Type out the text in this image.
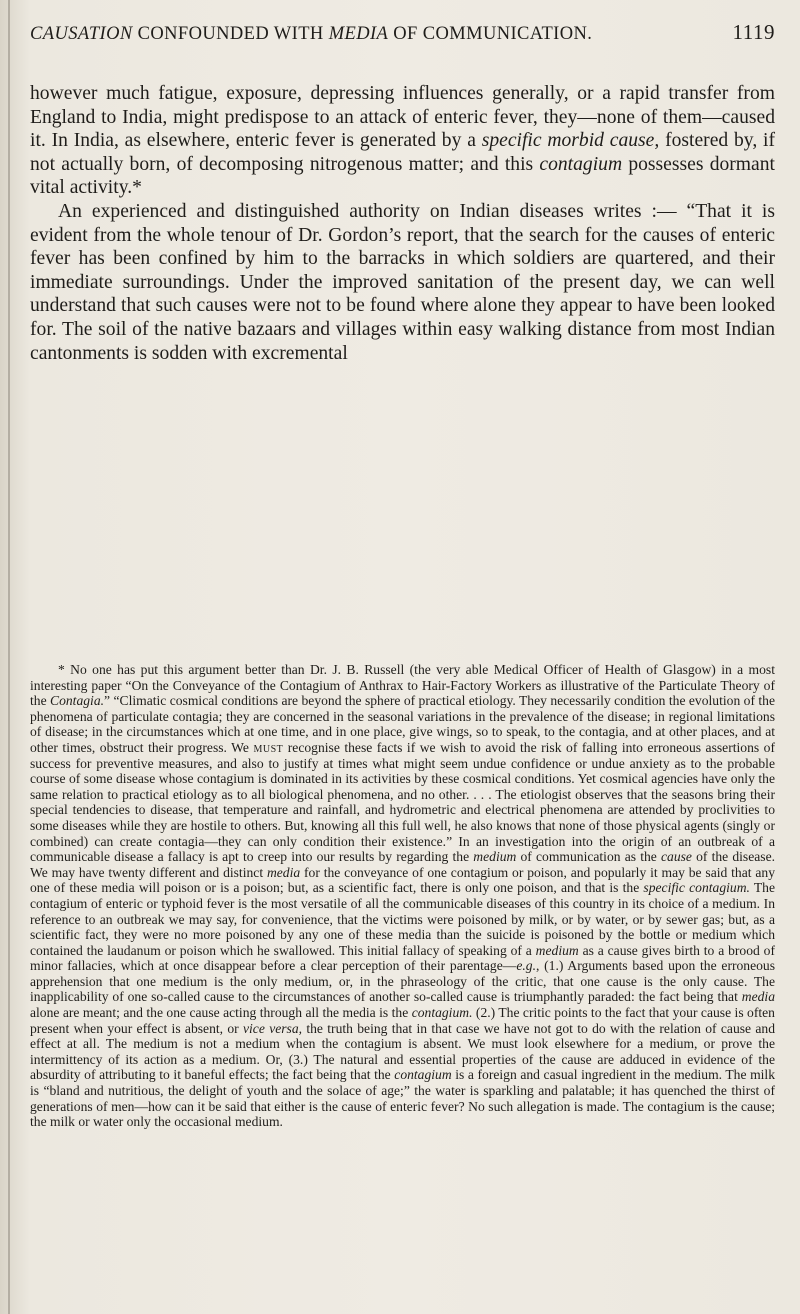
CAUSATION CONFOUNDED WITH MEDIA OF COMMUNICATION.	1119

however much fatigue, exposure, depressing influences generally, or a rapid transfer from England to India, might predispose to an attack of enteric fever, they—none of them—caused it. In India, as elsewhere, enteric fever is generated by a specific morbid cause, fostered by, if not actually born, of decomposing nitrogenous matter; and this contagium possesses dormant vital activity.*

An experienced and distinguished authority on Indian diseases writes :— “That it is evident from the whole tenour of Dr. Gordon’s report, that the search for the causes of enteric fever has been confined by him to the barracks in which soldiers are quartered, and their immediate surroundings. Under the improved sanitation of the present day, we can well understand that such causes were not to be found where alone they appear to have been looked for. The soil of the native bazaars and villages within easy walking distance from most Indian cantonments is sodden with excremental

* No one has put this argument better than Dr. J. B. Russell (the very able Medical Officer of Health of Glasgow) in a most interesting paper “On the Conveyance of the Contagium of Anthrax to Hair-Factory Workers as illustrative of the Particulate Theory of the Contagia.” “Climatic cosmical conditions are beyond the sphere of practical etiology. They necessarily condition the evolution of the phenomena of particulate contagia; they are concerned in the seasonal variations in the prevalence of the disease; in regional limitations of disease; in the circumstances which at one time, and in one place, give wings, so to speak, to the contagia, and at other places, and at other times, obstruct their progress. We must recognise these facts if we wish to avoid the risk of falling into erroneous assertions of success for preventive measures, and also to justify at times what might seem undue confidence or undue anxiety as to the probable course of some disease whose contagium is dominated in its activities by these cosmical conditions. Yet cosmical agencies have only the same relation to practical etiology as to all biological phenomena, and no other. . . . The etiologist observes that the seasons bring their special tendencies to disease, that temperature and rainfall, and hydrometric and electrical phenomena are attended by proclivities to some diseases while they are hostile to others. But, knowing all this full well, he also knows that none of those physical agents (singly or combined) can create contagia—they can only condition their existence.” In an investigation into the origin of an outbreak of a communicable disease a fallacy is apt to creep into our results by regarding the medium of communication as the cause of the disease. We may have twenty different and distinct media for the conveyance of one contagium or poison, and popularly it may be said that any one of these media will poison or is a poison; but, as a scientific fact, there is only one poison, and that is the specific contagium. The contagium of enteric or typhoid fever is the most versatile of all the communicable diseases of this country in its choice of a medium. In reference to an outbreak we may say, for convenience, that the victims were poisoned by milk, or by water, or by sewer gas; but, as a scientific fact, they were no more poisoned by any one of these media than the suicide is poisoned by the bottle or medium which contained the laudanum or poison which he swallowed. This initial fallacy of speaking of a medium as a cause gives birth to a brood of minor fallacies, which at once disappear before a clear perception of their parentage—e.g., (1.) Arguments based upon the erroneous apprehension that one medium is the only medium, or, in the phraseology of the critic, that one cause is the only cause. The inapplicability of one so-called cause to the circumstances of another so-called cause is triumphantly paraded: the fact being that media alone are meant; and the one cause acting through all the media is the contagium. (2.) The critic points to the fact that your cause is often present when your effect is absent, or vice versa, the truth being that in that case we have not got to do with the relation of cause and effect at all. The medium is not a medium when the contagium is absent. We must look elsewhere for a medium, or prove the intermittency of its action as a medium. Or, (3.) The natural and essential properties of the cause are adduced in evidence of the absurdity of attributing to it baneful effects; the fact being that the contagium is a foreign and casual ingredient in the medium. The milk is “bland and nutritious, the delight of youth and the solace of age;” the water is sparkling and palatable; it has quenched the thirst of generations of men—how can it be said that either is the cause of enteric fever? No such allegation is made. The contagium is the cause; the milk or water only the occasional medium.
